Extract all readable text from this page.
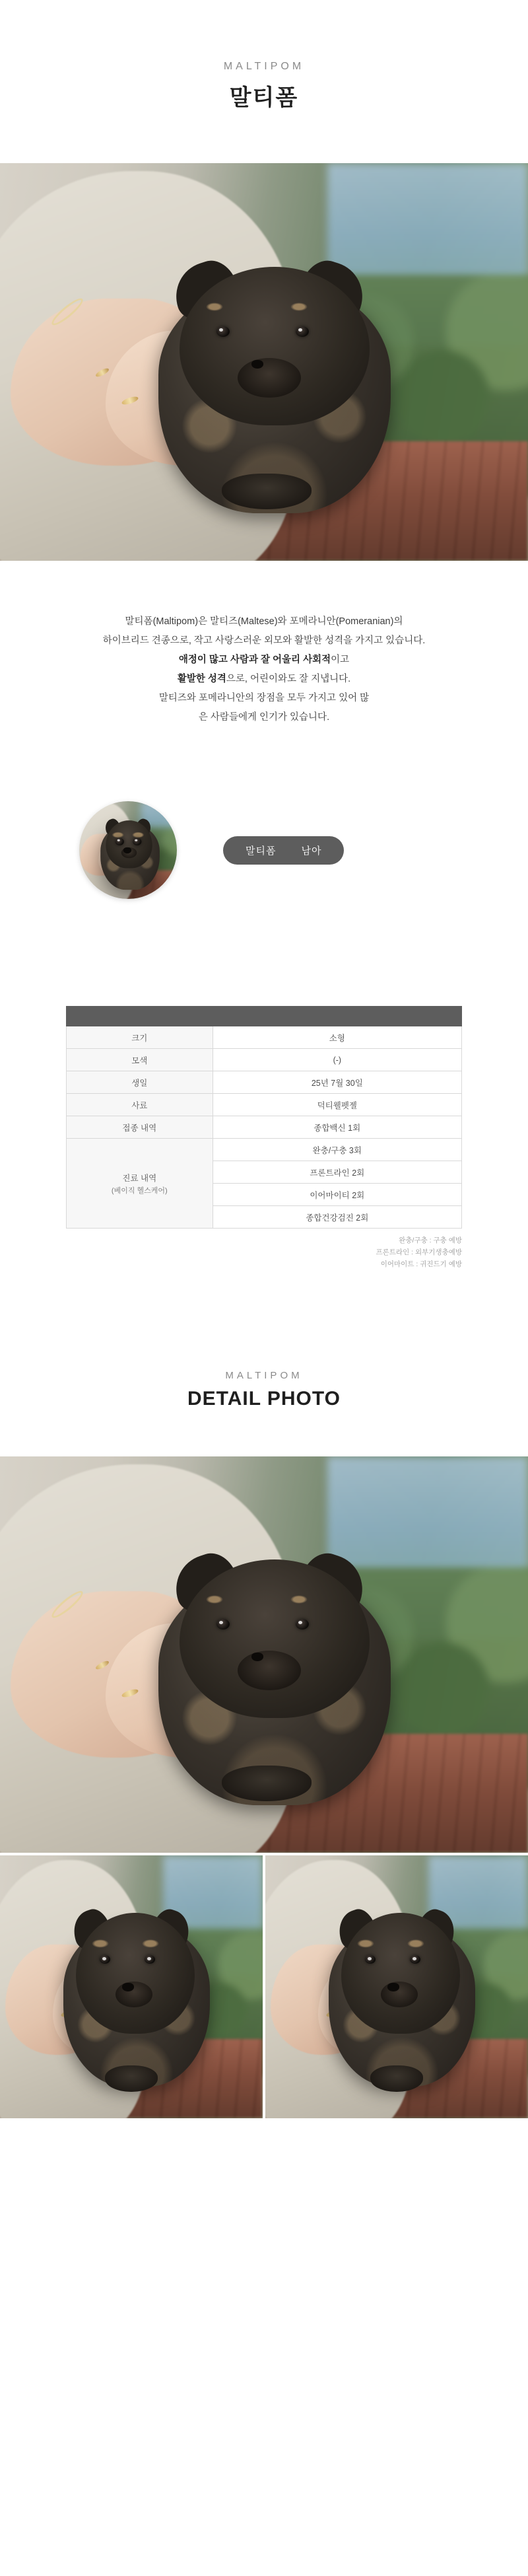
MALTIPOM
말티폼

말티폼(Maltipom)은 말티즈(Maltese)와 포메라니안(Pomeranian)의

하이브리드 견종으로, 작고 사랑스러운 외모와 활발한 성격을 가지고 있습니다.

애정이 많고 사람과 잘 어울리 사회적이고

활발한 성격으로, 어린이와도 잘 지냅니다.

말티즈와 포메라니안의 장점을 모두 가지고 있어 많

은 사람들에게 인기가 있습니다.

말티폼	남아

크기	소형
모색	(-)
생일	25년 7월 30일
사료	덕티웰펫젤
접종 내역	종합백신 1회
진료 내역
(베이직 헬스케어)	완충/구충 3회
	프론트라인 2회
	이어마이티 2회
	종합건강검진 2회
완충/구충 : 구충 예방
프론트라인 : 외부기생충예방
이어마이트 : 귀진드기 예방
MALTIPOM
DETAIL PHOTO
